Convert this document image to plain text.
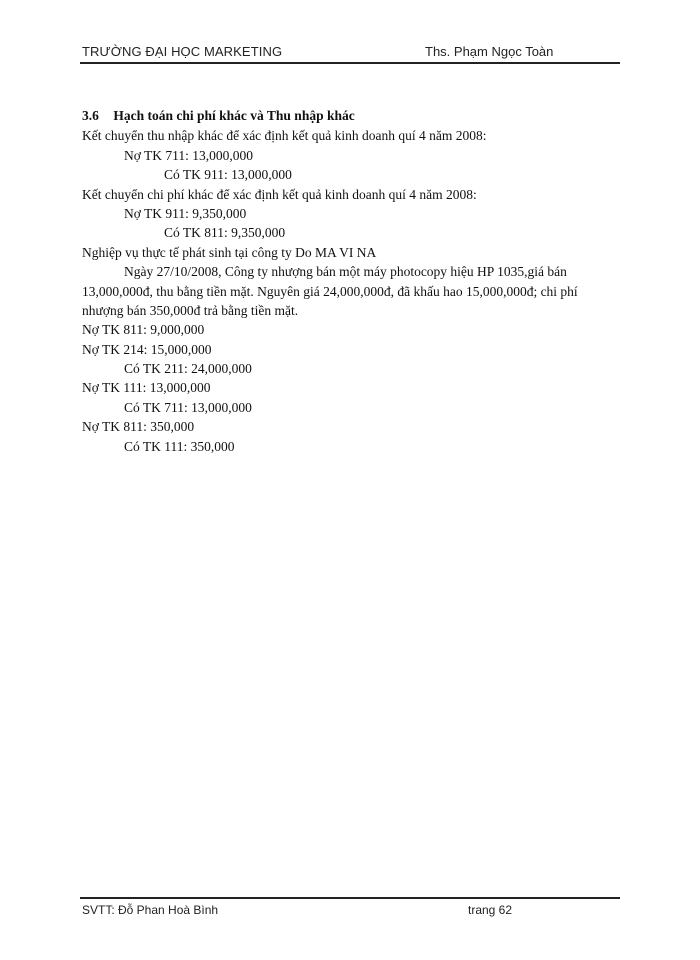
TRƯỜNG ĐẠI HỌC MARKETING	Ths. Phạm Ngọc Toàn
3.6 Hạch toán chi phí khác và Thu nhập khác
Kết chuyển thu nhập khác để xác định kết quả kinh doanh quí 4 năm 2008:
Nợ TK 711: 13,000,000
Có TK 911: 13,000,000
Kết chuyển chi phí khác để xác định kết quả kinh doanh quí 4 năm 2008:
Nợ TK 911: 9,350,000
Có TK 811: 9,350,000
Nghiệp vụ thực tế phát sinh tại công ty Do MA VI NA
Ngày 27/10/2008, Công ty nhượng bán một máy photocopy hiệu HP 1035,giá bán
13,000,000đ, thu bằng tiền mặt. Nguyên giá 24,000,000đ, đã khấu hao 15,000,000đ; chi phí
nhượng bán 350,000đ trả bằng tiền mặt.
Nợ TK 811: 9,000,000
Nợ TK 214: 15,000,000
Có TK 211: 24,000,000
Nợ TK 111: 13,000,000
Có TK 711: 13,000,000
Nợ TK 811: 350,000
Có TK 111: 350,000
SVTT: Đỗ Phan Hoà Bình	trang 62
